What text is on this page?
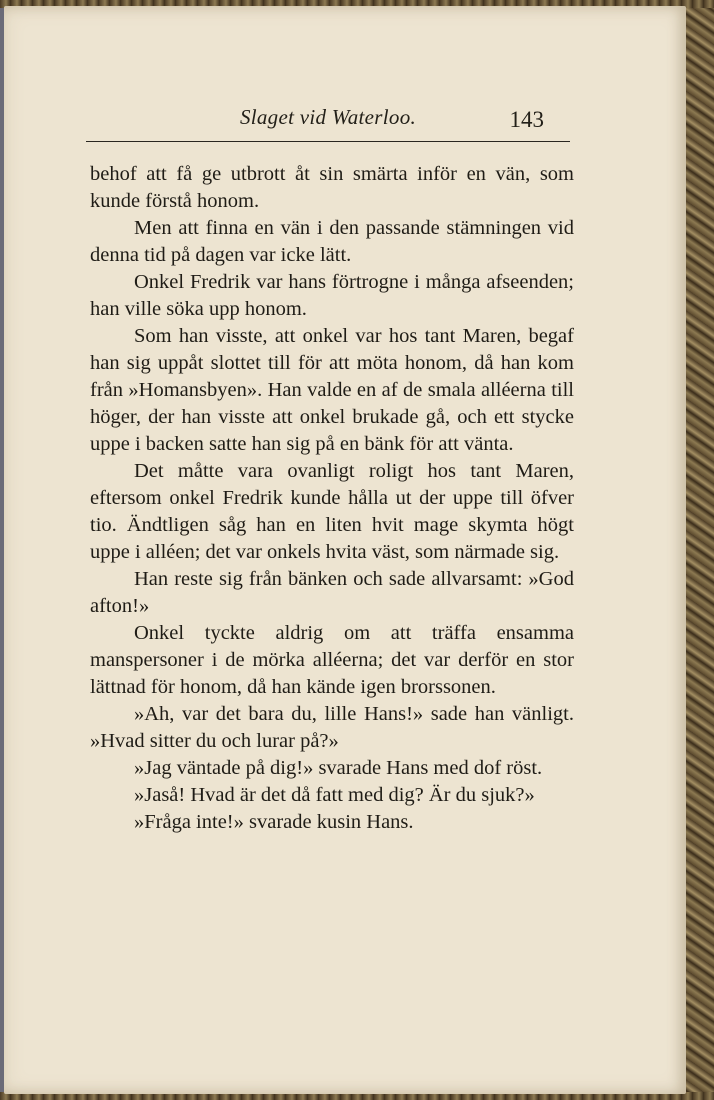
Slaget vid Waterloo.	143

behof att få ge utbrott åt sin smärta inför en vän, som kunde förstå honom.

Men att finna en vän i den passande stämningen vid denna tid på dagen var icke lätt.

Onkel Fredrik var hans förtrogne i många afseenden; han ville söka upp honom.

Som han visste, att onkel var hos tant Maren, begaf han sig uppåt slottet till för att möta honom, då han kom från »Homansbyen». Han valde en af de smala alléerna till höger, der han visste att onkel brukade gå, och ett stycke uppe i backen satte han sig på en bänk för att vänta.

Det måtte vara ovanligt roligt hos tant Maren, eftersom onkel Fredrik kunde hålla ut der uppe till öfver tio. Ändtligen såg han en liten hvit mage skymta högt uppe i alléen; det var onkels hvita väst, som närmade sig.

Han reste sig från bänken och sade allvarsamt: »God afton!»

Onkel tyckte aldrig om att träffa ensamma manspersoner i de mörka alléerna; det var derför en stor lättnad för honom, då han kände igen brorssonen.

»Ah, var det bara du, lille Hans!» sade han vänligt. »Hvad sitter du och lurar på?»

»Jag väntade på dig!» svarade Hans med dof röst.

»Jaså! Hvad är det då fatt med dig? Är du sjuk?»

»Fråga inte!» svarade kusin Hans.
